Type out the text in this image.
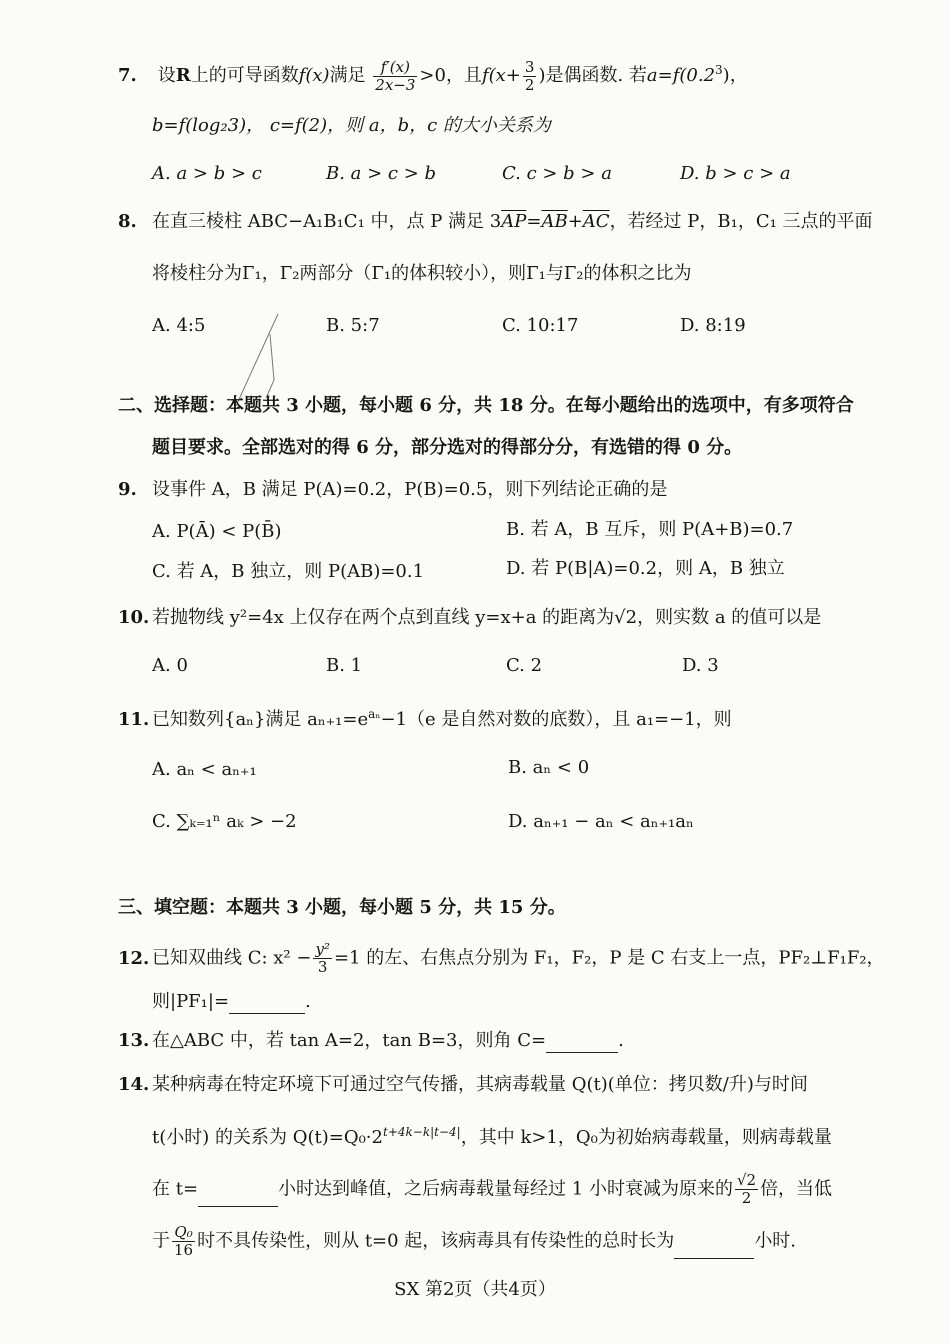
7. 设R上的可导函数f(x)满足 $\frac{f'(x)}{2x-3} >0$，且$f(x+ \frac{3}{2}$ )是偶函数. 若$a=f(0.2^3)$，
b=f(log₂3)， c=f(2)，则 a，b，c 的大小关系为
A. a > b > c	B. a > c > b	C. c > b > a	D. b > c > a
8. 在直三棱柱 ABC−A₁B₁C₁ 中，点 P 满足 $3\overline{AP}=\overline{AB}+\overline{AC}$，若经过 P，B₁，C₁ 三点的平面
将棱柱分为Γ₁，Γ₂两部分（Γ₁的体积较小），则Γ₁与Γ₂的体积之比为
A. 4:5	B. 5:7	C. 10:17	D. 8:19
二、选择题：本题共 3 小题，每小题 6 分，共 18 分。在每小题给出的选项中，有多项符合
题目要求。全部选对的得 6 分，部分选对的得部分分，有选错的得 0 分。
9. 设事件 A，B 满足 P(A)=0.2，P(B)=0.5，则下列结论正确的是
A. P(Ā) < P(B̄)	B. 若 A，B 互斥，则 P(A+B)=0.7
C. 若 A，B 独立，则 P(AB)=0.1	D. 若 P(B|A)=0.2，则 A，B 独立
10. 若抛物线 y²=4x 上仅存在两个点到直线 y=x+a 的距离为√2，则实数 a 的值可以是
A. 0	B. 1	C. 2	D. 3
11. 已知数列{aₙ}满足 $a_{n+1}=e^{a_n}-1(e$ 是自然对数的底数），且 a₁=−1，则
A. aₙ < aₙ₊₁	B. aₙ < 0
C. ∑ₖ₌₁ⁿ aₖ > −2	D. aₙ₊₁ − aₙ < aₙ₊₁aₙ
三、填空题：本题共 3 小题，每小题 5 分，共 15 分。
12. 已知双曲线 C: $x^2 - \frac{\text{y²}}{3} =1$ 的左、右焦点分别为 F₁，F₂，P 是 C 右支上一点，PF₂⊥F₁F₂，
则|PF₁|=	.
13. 在△ABC 中，若 tan A=2，tan B=3，则角 C=	.
14. 某种病毒在特定环境下可通过空气传播，其病毒载量 Q(t)(单位：拷贝数/升)与时间
t(小时) 的关系为 $Q(t)=Q_0\cdot 2^{t+4k-k|t-4|}$，其中 k>1，Q₀为初始病毒载量，则病毒载量
在 t=	小时达到峰值，之后病毒载量每经过 1 小时衰减为原来的 $\frac{√2}{2}$ 倍，当低
于 $\frac{\text{Q₀}}{16}$ 时不具传染性，则从 t=0 起，该病毒具有传染性的总时长为	小时.
SX 第2页（共4页）
